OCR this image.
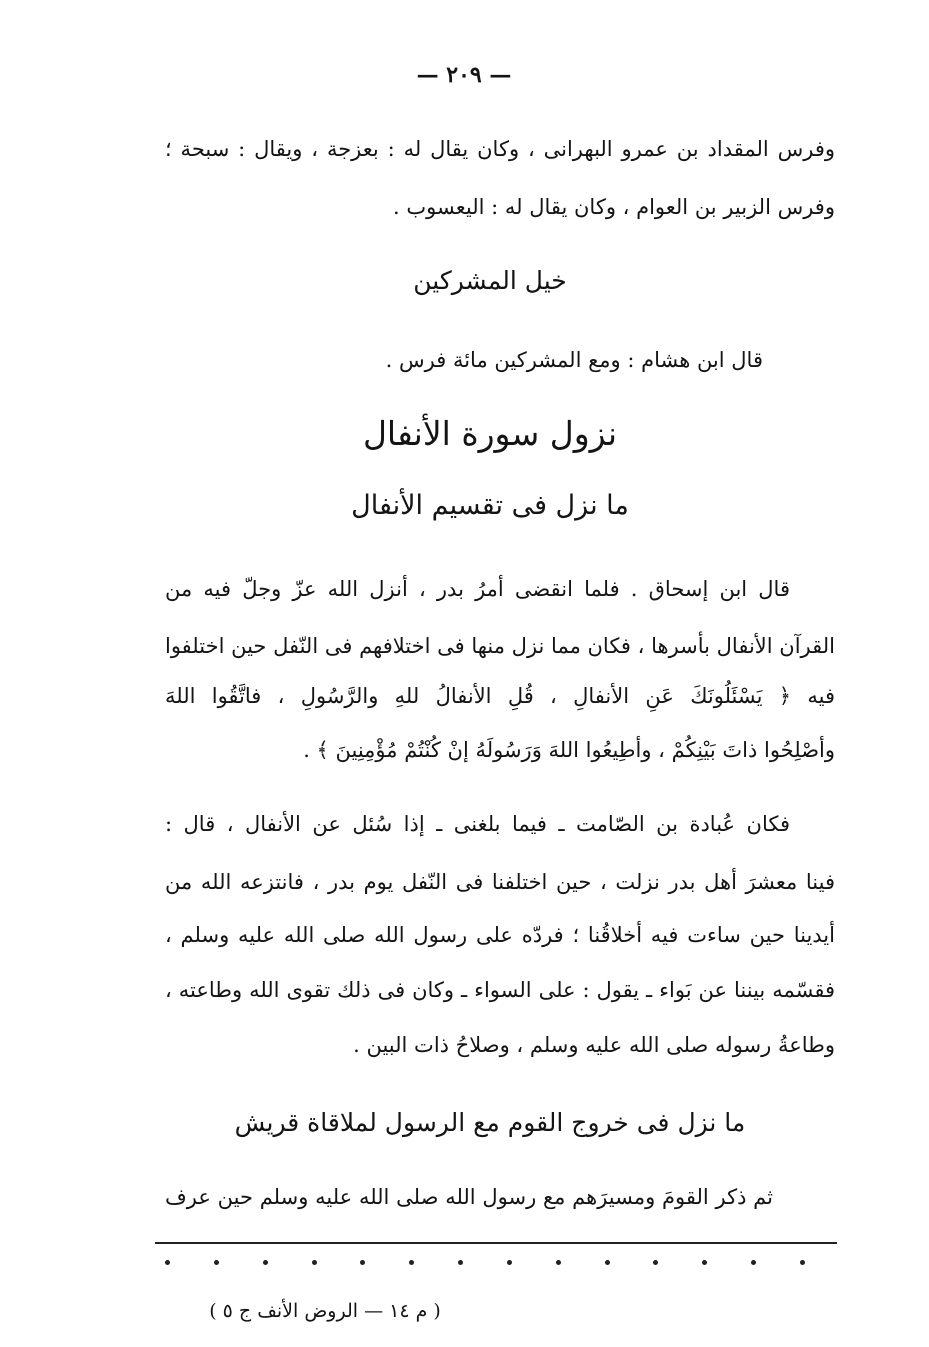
— ٢٠٩ —
وفرس المقداد بن عمرو البهرانى ، وكان يقال له : بعزجة ، ويقال : سبحة ؛
وفرس الزبير بن العوام ، وكان يقال له : اليعسوب .
خيل المشركين
قال ابن هشام : ومع المشركين مائة فرس .
نزول سورة الأنفال
ما نزل فى تقسيم الأنفال
قال ابن إسحاق . فلما انقضى أمرُ بدر ، أنزل الله عزّ وجلّ فيه من
القرآن الأنفال بأسرها ، فكان مما نزل منها فى اختلافهم فى النّفل حين اختلفوا
فيه ﴿ يَسْئَلُونَكَ عَنِ الأنفالِ ، قُلِ الأنفالُ للهِ والرَّسُولِ ، فاتَّقُوا اللهَ
وأصْلِحُوا ذاتَ بَيْنِكُمْ ، وأطِيعُوا اللهَ وَرَسُولَهُ إنْ كُنْتُمْ مُؤْمِنِينَ ﴾ .
فكان عُبادة بن الصّامت ـ فيما بلغنى ـ إذا سُئل عن الأنفال ، قال :
فينا معشرَ أهل بدر نزلت ، حين اختلفنا فى النّفل يوم بدر ، فانتزعه الله من
أيدينا حين ساءت فيه أخلاقُنا ؛ فردّه على رسول الله صلى الله عليه وسلم ،
فقسّمه بيننا عن بَواء ـ يقول : على السواء ـ وكان فى ذلك تقوى الله وطاعته ،
وطاعةُ رسوله صلى الله عليه وسلم ، وصلاحُ ذات البين .
ما نزل فى خروج القوم مع الرسول لملاقاة قريش
ثم ذكر القومَ ومسيرَهم مع رسول الله صلى الله عليه وسلم حين عرف
( م ١٤ — الروض الأنف ج ٥ )
